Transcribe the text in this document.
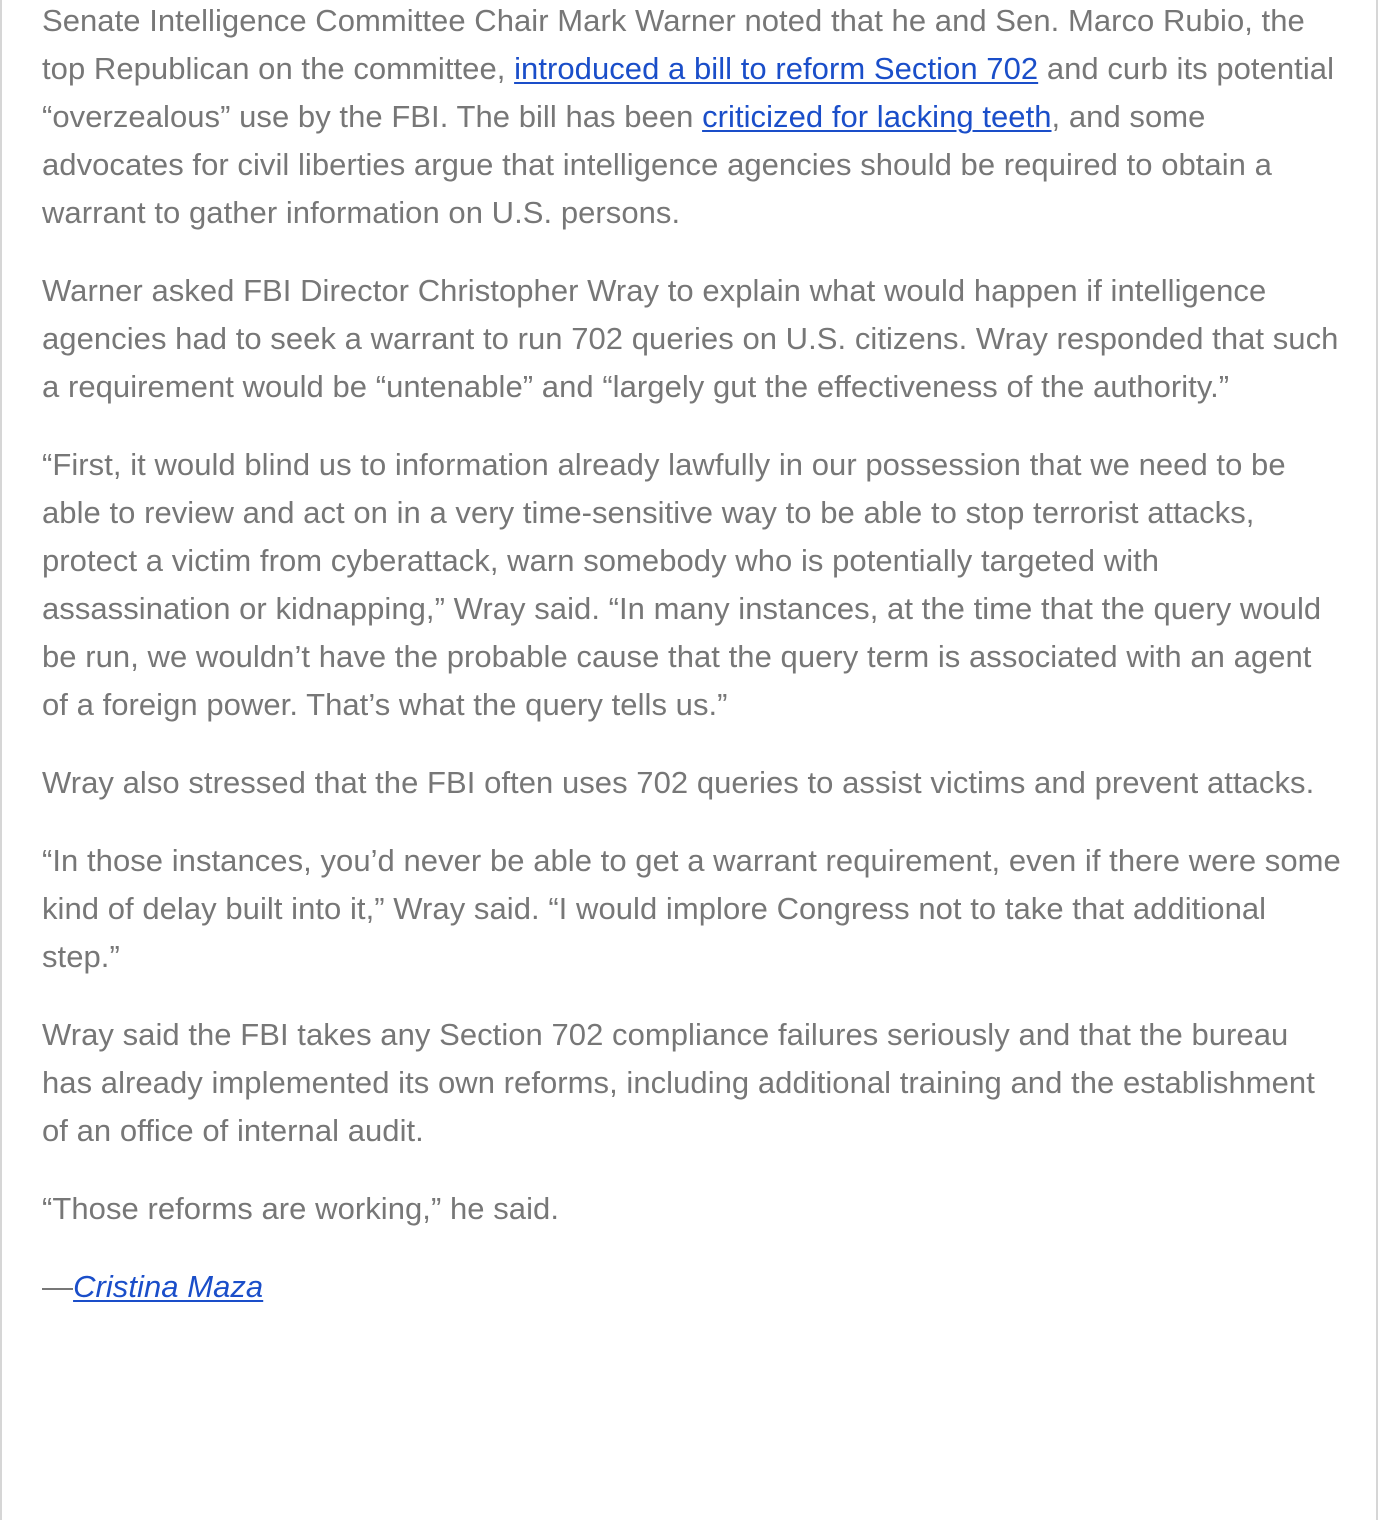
Senate Intelligence Committee Chair Mark Warner noted that he and Sen. Marco Rubio, the top Republican on the committee, introduced a bill to reform Section 702 and curb its potential “overzealous” use by the FBI. The bill has been criticized for lacking teeth, and some advocates for civil liberties argue that intelligence agencies should be required to obtain a warrant to gather information on U.S. persons.

Warner asked FBI Director Christopher Wray to explain what would happen if intelligence agencies had to seek a warrant to run 702 queries on U.S. citizens. Wray responded that such a requirement would be “untenable” and “largely gut the effectiveness of the authority.”

“First, it would blind us to information already lawfully in our possession that we need to be able to review and act on in a very time-sensitive way to be able to stop terrorist attacks, protect a victim from cyberattack, warn somebody who is potentially targeted with assassination or kidnapping,” Wray said. “In many instances, at the time that the query would be run, we wouldn’t have the probable cause that the query term is associated with an agent of a foreign power. That’s what the query tells us.”

Wray also stressed that the FBI often uses 702 queries to assist victims and prevent attacks.

“In those instances, you’d never be able to get a warrant requirement, even if there were some kind of delay built into it,” Wray said. “I would implore Congress not to take that additional step.”

Wray said the FBI takes any Section 702 compliance failures seriously and that the bureau has already implemented its own reforms, including additional training and the establishment of an office of internal audit.

“Those reforms are working,” he said.

—Cristina Maza
